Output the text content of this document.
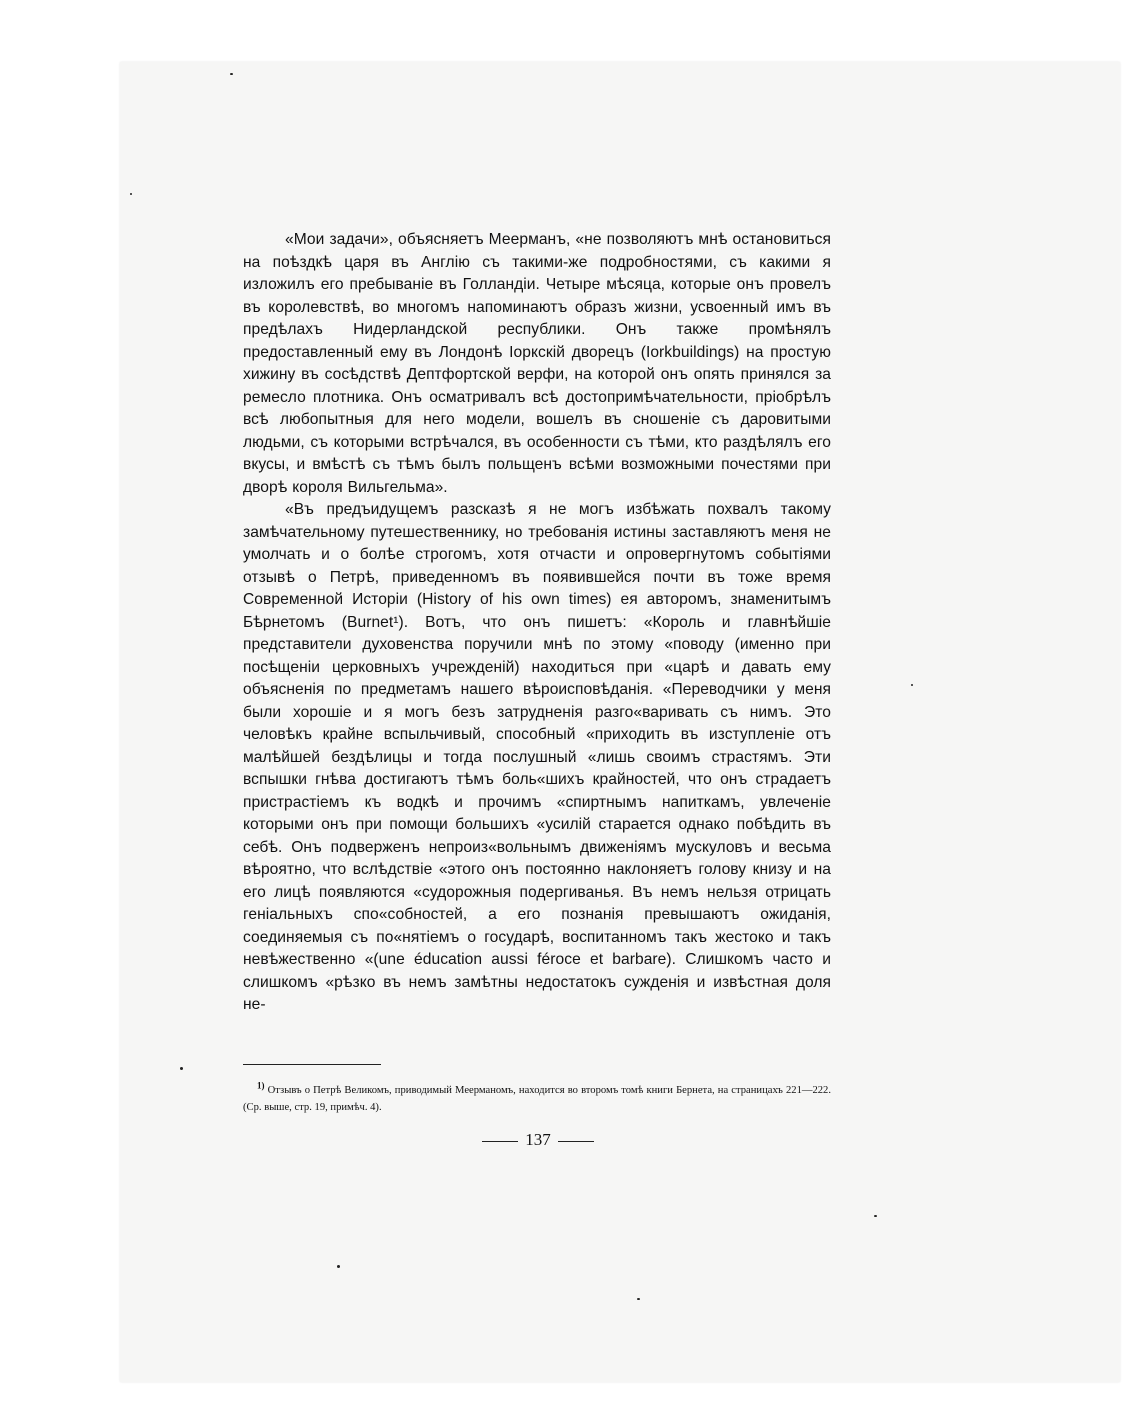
«Мои задачи», объясняетъ Меерманъ, «не позволяютъ мнѣ остановиться на поѣздкѣ царя въ Англію съ такими-же подробностями, съ какими я изложилъ его пребываніе въ Голландіи. Четыре мѣсяца, которые онъ провелъ въ королевствѣ, во многомъ напоминаютъ образъ жизни, усвоенный имъ въ предѣлахъ Нидерландской республики. Онъ также промѣнялъ предоставленный ему въ Лондонѣ Іоркскій дворецъ (Iorkbuildings) на простую хижину въ сосѣдствѣ Дептфортской верфи, на которой онъ опять принялся за ремесло плотника. Онъ осматривалъ всѣ достопримѣчательности, пріобрѣлъ всѣ любопытныя для него модели, вошелъ въ сношеніе съ даровитыми людьми, съ которыми встрѣчался, въ особенности съ тѣми, кто раздѣлялъ его вкусы, и вмѣстѣ съ тѣмъ былъ польщенъ всѣми возможными почестями при дворѣ короля Вильгельма».

«Въ предъидущемъ разсказѣ я не могъ избѣжать похвалъ такому замѣчательному путешественнику, но требованія истины заставляютъ меня не умолчать и о болѣе строгомъ, хотя отчасти и опровергнутомъ событіями отзывѣ о Петрѣ, приведенномъ въ появившейся почти въ тоже время Современной Исторіи (History of his own times) ея авторомъ, знаменитымъ Бѣрнетомъ (Burnet¹). Вотъ, что онъ пишетъ: «Король и главнѣйшіе представители духовенства поручили мнѣ по этому «поводу (именно при посѣщеніи церковныхъ учрежденій) находиться при «царѣ и давать ему объясненія по предметамъ нашего вѣроисповѣданія. «Переводчики у меня были хорошіе и я могъ безъ затрудненія разго«варивать съ нимъ. Это человѣкъ крайне вспыльчивый, способный «приходить въ изступленіе отъ малѣйшей бездѣлицы и тогда послушный «лишь своимъ страстямъ. Эти вспышки гнѣва достигаютъ тѣмъ боль«шихъ крайностей, что онъ страдаетъ пристрастіемъ къ водкѣ и прочимъ «спиртнымъ напиткамъ, увлеченіе которыми онъ при помощи большихъ «усилій старается однако побѣдить въ себѣ. Онъ подверженъ непроиз«вольнымъ движеніямъ мускуловъ и весьма вѣроятно, что вслѣдствіе «этого онъ постоянно наклоняетъ голову книзу и на его лицѣ появляются «судорожныя подергиванья. Въ немъ нельзя отрицать геніальныхъ спо«собностей, а его познанія превышаютъ ожиданія, соединяемыя съ по«нятіемъ о государѣ, воспитанномъ такъ жестоко и такъ невѣжественно «(une éducation aussi féroce et barbare). Слишкомъ часто и слишкомъ «рѣзко въ немъ замѣтны недостатокъ сужденія и извѣстная доля не-

$^{1)}$ Отзывъ о Петрѣ Великомъ, приводимый Меерманомъ, находится во второмъ томѣ книги Бернета, на страницахъ 221—222. (Ср. выше, стр. 19, примѣч. 4).

137
